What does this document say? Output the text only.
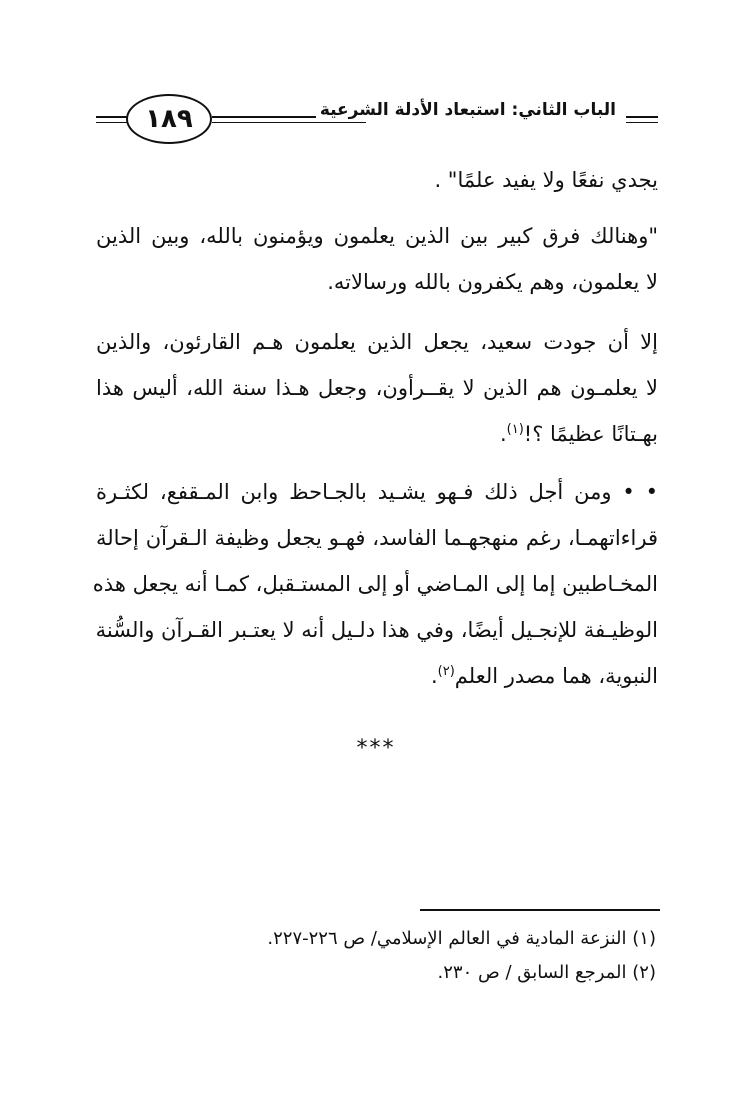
١٨٩	الباب الثاني: استبعاد الأدلة الشرعية
يجدي نفعًا ولا يفيد علمًا" .
"وهنالك فرق كبير بين الذين يعلمون ويؤمنون بالله، وبين الذين
لا يعلمون، وهم يكفرون بالله ورسالاته.
إلا أن جودت سعيد، يجعل الذين يعلمون هـم القارئون، والذين
لا يعلمـون هم الذين لا يقــرأون، وجعل هـذا سنة الله، أليس هذا
بهـتانًا عظيمًا ؟!$^{(١)}$.
• • ومن أجل ذلك فـهو يشـيد بالجـاحظ وابن المـقفع، لكثـرة
قراءاتهمـا، رغم منهجهـما الفاسد، فهـو يجعل وظيفة الـقرآن إحالة
المخـاطبين إما إلى المـاضي أو إلى المستـقبل، كمـا أنه يجعل هذه
الوظيـفة للإنجـيل أيضًا، وفي هذا دلـيل أنه لا يعتـبر القـرآن والسُّنة
النبوية، هما مصدر العلم$^{(٢)}$.
***
(١) النزعة المادية في العالم الإسلامي/ ص ٢٢٦-٢٢٧.
(٢) المرجع السابق / ص ٢٣٠.
